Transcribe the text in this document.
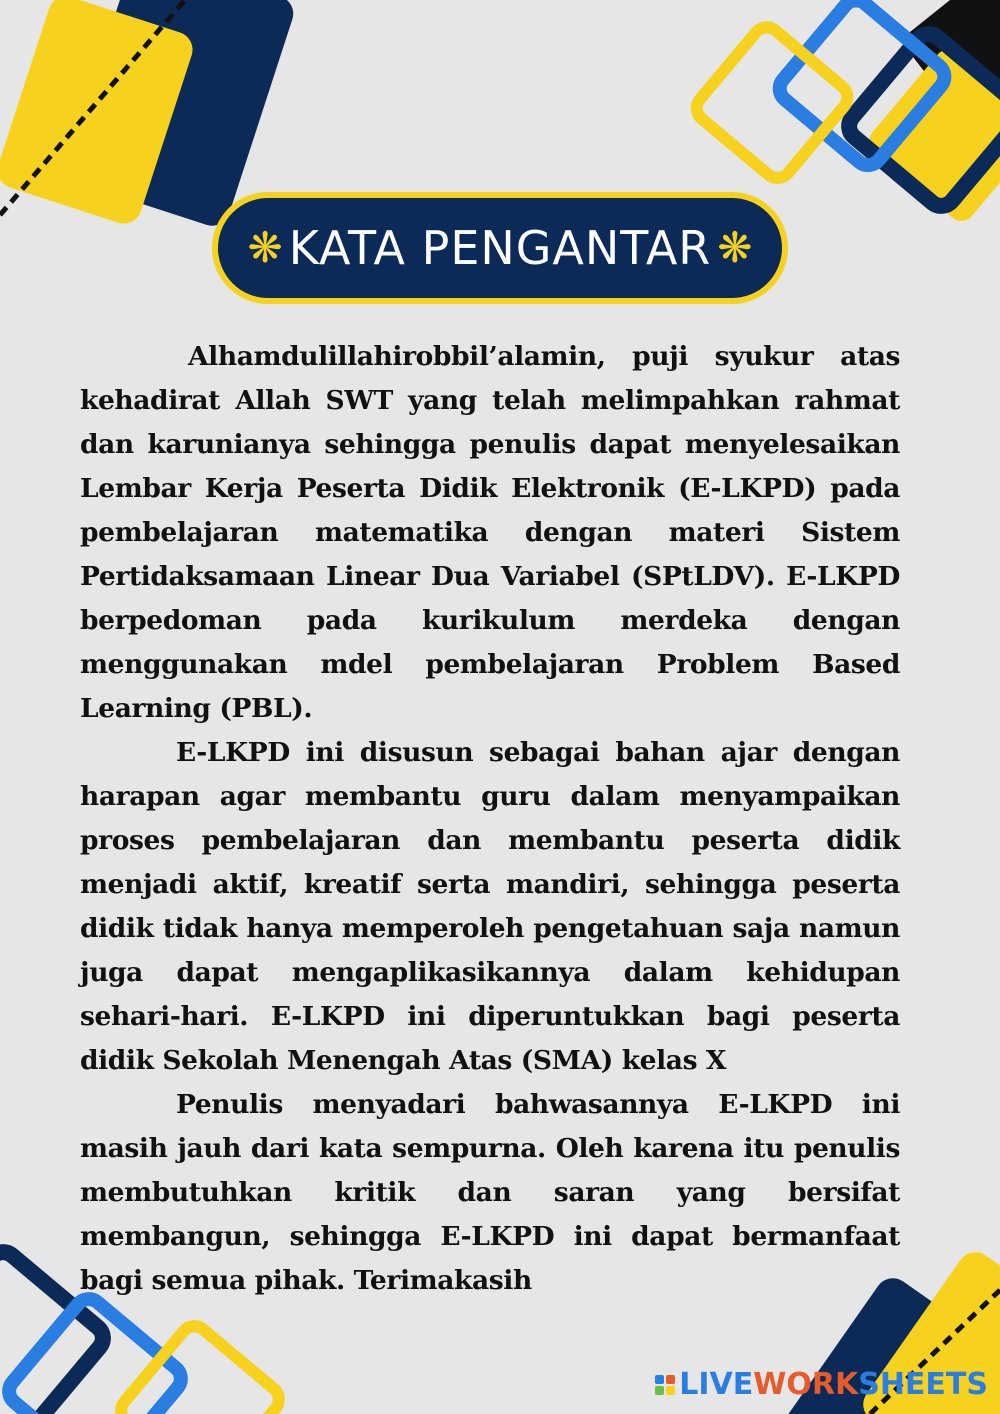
❋ KATA PENGANTAR ❋

Alhamdulillahirobbil’alamin, puji syukur atas kehadirat Allah SWT yang telah melimpahkan rahmat dan karunianya sehingga penulis dapat menyelesaikan Lembar Kerja Peserta Didik Elektronik (E-LKPD) pada pembelajaran matematika dengan materi Sistem Pertidaksamaan Linear Dua Variabel (SPtLDV). E-LKPD berpedoman pada kurikulum merdeka dengan menggunakan mdel pembelajaran Problem Based Learning (PBL).

E-LKPD ini disusun sebagai bahan ajar dengan harapan agar membantu guru dalam menyampaikan proses pembelajaran dan membantu peserta didik menjadi aktif, kreatif serta mandiri, sehingga peserta didik tidak hanya memperoleh pengetahuan saja namun juga dapat mengaplikasikannya dalam kehidupan sehari-hari. E-LKPD ini diperuntukkan bagi peserta didik Sekolah Menengah Atas (SMA) kelas X

Penulis menyadari bahwasannya E-LKPD ini masih jauh dari kata sempurna. Oleh karena itu penulis membutuhkan kritik dan saran yang bersifat membangun, sehingga E-LKPD ini dapat bermanfaat bagi semua pihak. Terimakasih

LIVE WORK SHEETS
